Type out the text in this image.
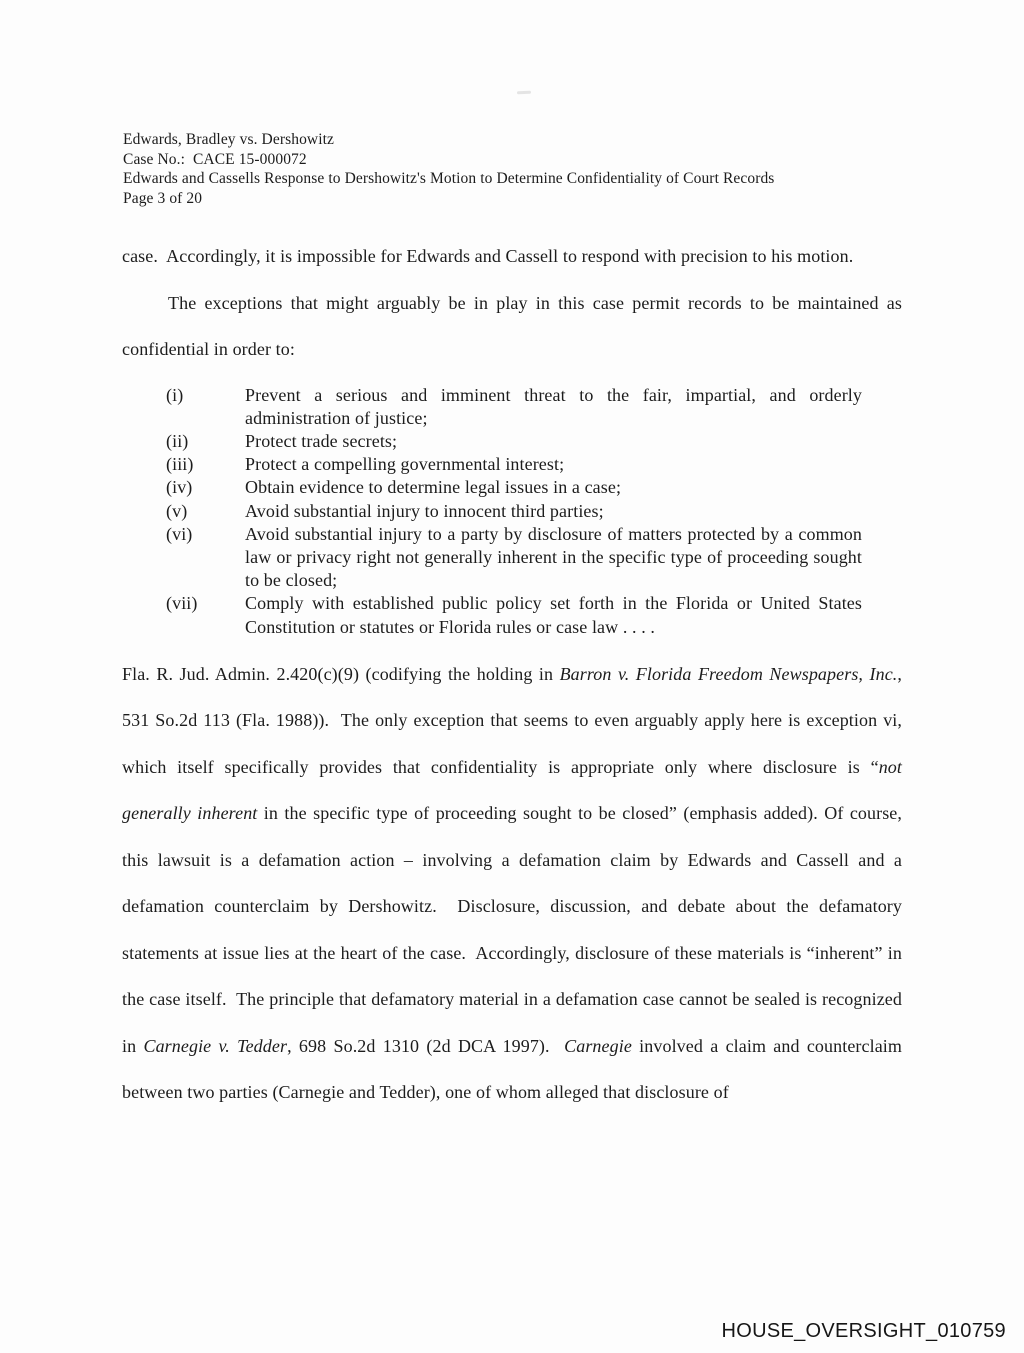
Edwards, Bradley vs. Dershowitz
Case No.:  CACE 15-000072
Edwards and Cassells Response to Dershowitz's Motion to Determine Confidentiality of Court Records
Page 3 of 20

case.  Accordingly, it is impossible for Edwards and Cassell to respond with precision to his motion.

The exceptions that might arguably be in play in this case permit records to be maintained as confidential in order to:

(i)	Prevent a serious and imminent threat to the fair, impartial, and orderly administration of justice;
(ii)	Protect trade secrets;
(iii)	Protect a compelling governmental interest;
(iv)	Obtain evidence to determine legal issues in a case;
(v)	Avoid substantial injury to innocent third parties;
(vi)	Avoid substantial injury to a party by disclosure of matters protected by a common law or privacy right not generally inherent in the specific type of proceeding sought to be closed;
(vii)	Comply with established public policy set forth in the Florida or United States Constitution or statutes or Florida rules or case law . . . .

Fla. R. Jud. Admin. 2.420(c)(9) (codifying the holding in Barron v. Florida Freedom Newspapers, Inc., 531 So.2d 113 (Fla. 1988)).  The only exception that seems to even arguably apply here is exception vi, which itself specifically provides that confidentiality is appropriate only where disclosure is “not generally inherent in the specific type of proceeding sought to be closed” (emphasis added). Of course, this lawsuit is a defamation action – involving a defamation claim by Edwards and Cassell and a defamation counterclaim by Dershowitz.  Disclosure, discussion, and debate about the defamatory statements at issue lies at the heart of the case.  Accordingly, disclosure of these materials is “inherent” in the case itself.  The principle that defamatory material in a defamation case cannot be sealed is recognized in Carnegie v. Tedder, 698 So.2d 1310 (2d DCA 1997).  Carnegie involved a claim and counterclaim between two parties (Carnegie and Tedder), one of whom alleged that disclosure of

HOUSE_OVERSIGHT_010759
